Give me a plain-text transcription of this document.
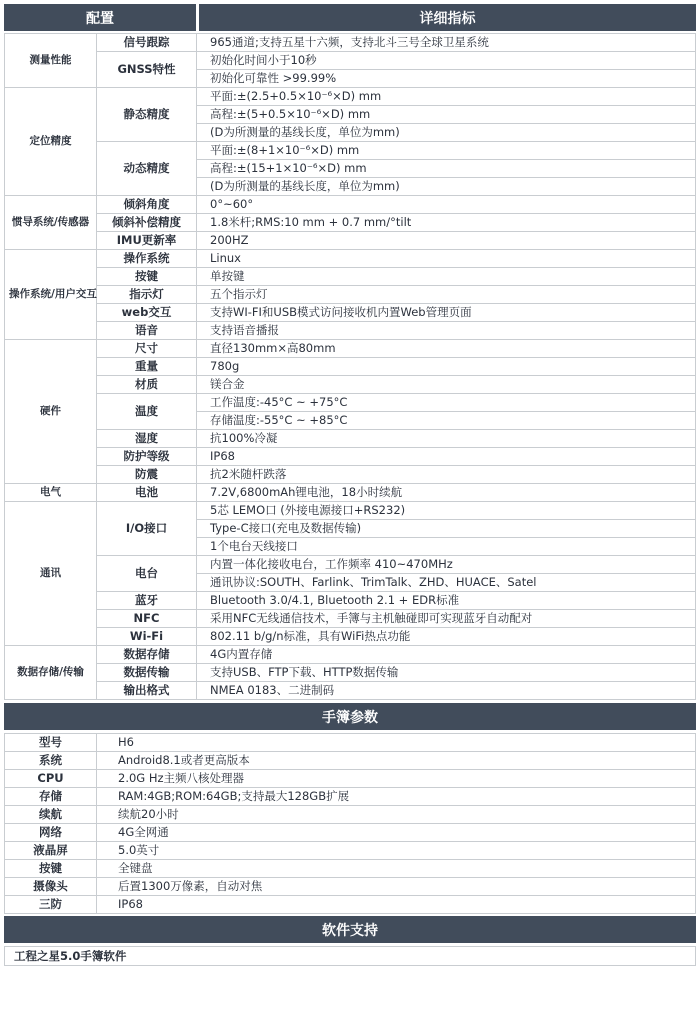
配置	详细指标
测量性能	信号跟踪	965通道;支持五星十六频，支持北斗三号全球卫星系统
	GNSS特性	初始化时间小于10秒
		初始化可靠性 >99.99%
定位精度	静态精度	平面:±(2.5+0.5×10⁻⁶×D) mm
		高程:±(5+0.5×10⁻⁶×D) mm
		(D为所测量的基线长度，单位为mm)
	动态精度	平面:±(8+1×10⁻⁶×D) mm
		高程:±(15+1×10⁻⁶×D) mm
		(D为所测量的基线长度，单位为mm)
惯导系统/传感器	倾斜角度	0°~60°
	倾斜补偿精度	1.8米杆;RMS:10 mm + 0.7 mm/°tilt
	IMU更新率	200HZ
操作系统/用户交互	操作系统	Linux
	按键	单按键
	指示灯	五个指示灯
	web交互	支持WI-FI和USB模式访问接收机内置Web管理页面
	语音	支持语音播报
硬件	尺寸	直径130mm×高80mm
	重量	780g
	材质	镁合金
	温度	工作温度:-45°C ~ +75°C
		存储温度:-55°C ~ +85°C
	湿度	抗100%冷凝
	防护等级	IP68
	防震	抗2米随杆跌落
电气	电池	7.2V,6800mAh锂电池，18小时续航
通讯	I/O接口	5芯 LEMO口 (外接电源接口+RS232)
		Type-C接口(充电及数据传输)
		1个电台天线接口
	电台	内置一体化接收电台，工作频率 410~470MHz
		通讯协议:SOUTH、Farlink、TrimTalk、ZHD、HUACE、Satel
	蓝牙	Bluetooth 3.0/4.1, Bluetooth 2.1 + EDR标准
	NFC	采用NFC无线通信技术，手簿与主机触碰即可实现蓝牙自动配对
	Wi-Fi	802.11 b/g/n标准，具有WiFi热点功能
数据存储/传输	数据存储	4G内置存储
	数据传输	支持USB、FTP下载、HTTP数据传输
	输出格式	NMEA 0183、二进制码
手簿参数
型号	H6
系统	Android8.1或者更高版本
CPU	2.0G Hz主频八核处理器
存储	RAM:4GB;ROM:64GB;支持最大128GB扩展
续航	续航20小时
网络	4G全网通
液晶屏	5.0英寸
按键	全键盘
摄像头	后置1300万像素，自动对焦
三防	IP68
软件支持
工程之星5.0手簿软件
